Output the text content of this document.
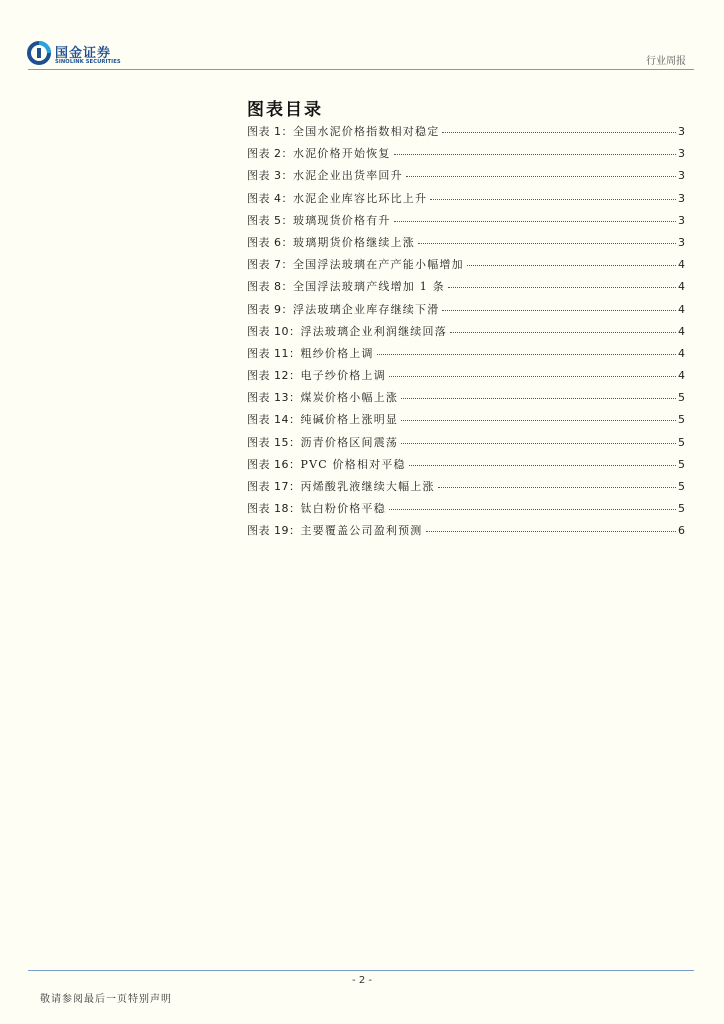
国金证券
SINOLINK SECURITIES	行业周报
图表目录
图表 1： 全国水泥价格指数相对稳定	3
图表 2： 水泥价格开始恢复	3
图表 3： 水泥企业出货率回升	3
图表 4： 水泥企业库容比环比上升	3
图表 5： 玻璃现货价格有升	3
图表 6： 玻璃期货价格继续上涨	3
图表 7： 全国浮法玻璃在产产能小幅增加	4
图表 8： 全国浮法玻璃产线增加 1 条	4
图表 9： 浮法玻璃企业库存继续下滑	4
图表 10： 浮法玻璃企业利润继续回落	4
图表 11： 粗纱价格上调	4
图表 12： 电子纱价格上调	4
图表 13： 煤炭价格小幅上涨	5
图表 14： 纯碱价格上涨明显	5
图表 15： 沥青价格区间震荡	5
图表 16： PVC 价格相对平稳	5
图表 17： 丙烯酸乳液继续大幅上涨	5
图表 18： 钛白粉价格平稳	5
图表 19： 主要覆盖公司盈利预测	6
- 2 -
敬请参阅最后一页特别声明
